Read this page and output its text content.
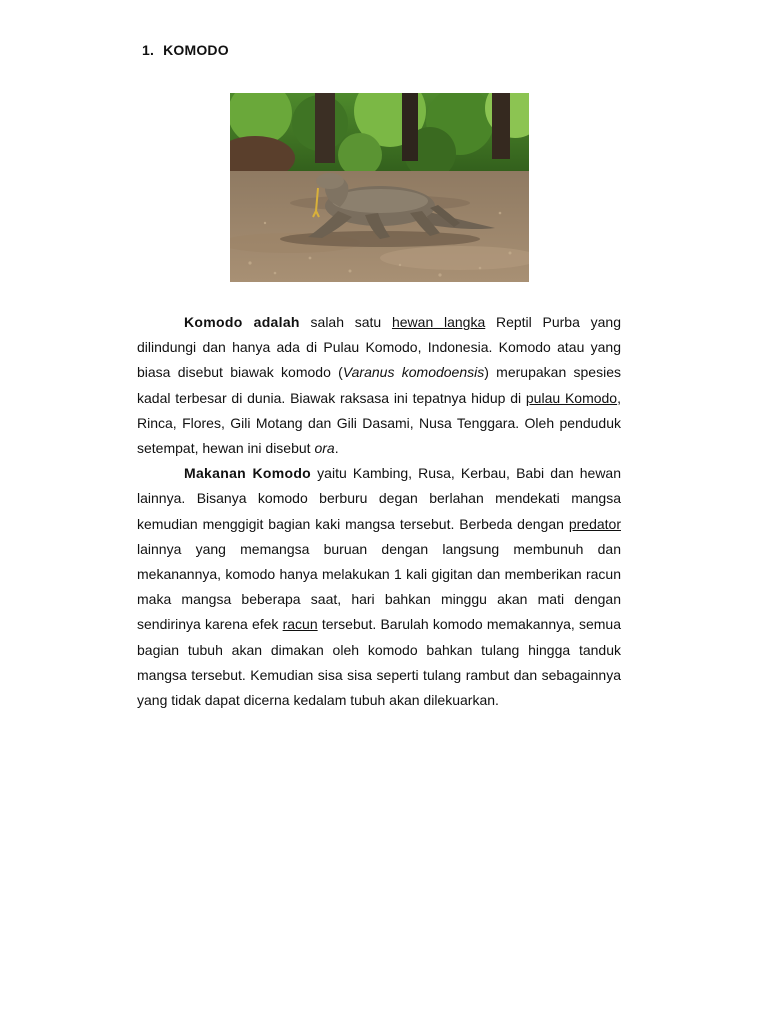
1. KOMODO

Komodo adalah salah satu hewan langka Reptil Purba yang dilindungi dan hanya ada di Pulau Komodo, Indonesia. Komodo atau yang biasa disebut biawak komodo (Varanus komodoensis) merupakan spesies kadal terbesar di dunia. Biawak raksasa ini tepatnya hidup di pulau Komodo, Rinca, Flores, Gili Motang dan Gili Dasami, Nusa Tenggara. Oleh penduduk setempat, hewan ini disebut ora.

Makanan Komodo yaitu Kambing, Rusa, Kerbau, Babi dan hewan lainnya. Bisanya komodo berburu degan berlahan mendekati mangsa kemudian menggigit bagian kaki mangsa tersebut. Berbeda dengan predator lainnya yang memangsa buruan dengan langsung membunuh dan mekanannya, komodo hanya melakukan 1 kali gigitan dan memberikan racun maka mangsa beberapa saat, hari bahkan minggu akan mati dengan sendirinya karena efek racun tersebut. Barulah komodo memakannya, semua bagian tubuh akan dimakan oleh komodo bahkan tulang hingga tanduk mangsa tersebut. Kemudian sisa sisa seperti tulang rambut dan sebagainnya yang tidak dapat dicerna kedalam tubuh akan dilekuarkan.
